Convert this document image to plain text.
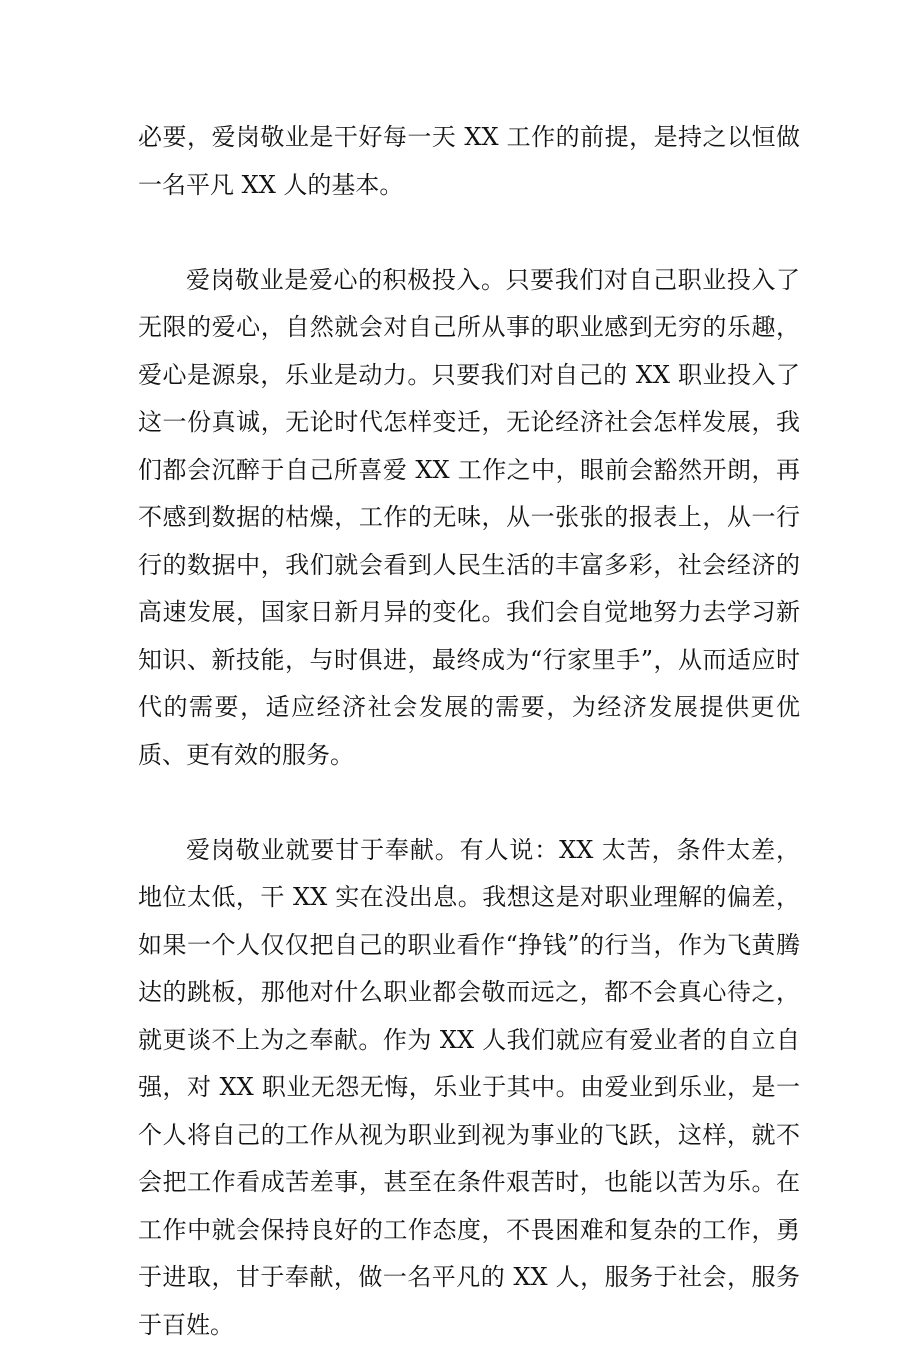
必要，爱岗敬业是干好每一天 XX 工作的前提，是持之以恒做一名平凡 XX 人的基本。

爱岗敬业是爱心的积极投入。只要我们对自己职业投入了无限的爱心，自然就会对自己所从事的职业感到无穷的乐趣，爱心是源泉，乐业是动力。只要我们对自己的 XX 职业投入了这一份真诚，无论时代怎样变迁，无论经济社会怎样发展，我们都会沉醉于自己所喜爱 XX 工作之中，眼前会豁然开朗，再不感到数据的枯燥，工作的无味，从一张张的报表上，从一行行的数据中，我们就会看到人民生活的丰富多彩，社会经济的高速发展，国家日新月异的变化。我们会自觉地努力去学习新知识、新技能，与时俱进，最终成为“行家里手”，从而适应时代的需要，适应经济社会发展的需要，为经济发展提供更优质、更有效的服务。

爱岗敬业就要甘于奉献。有人说：XX 太苦，条件太差，地位太低，干 XX 实在没出息。我想这是对职业理解的偏差，如果一个人仅仅把自己的职业看作“挣钱”的行当，作为飞黄腾达的跳板，那他对什么职业都会敬而远之，都不会真心待之，就更谈不上为之奉献。作为 XX 人我们就应有爱业者的自立自强，对 XX 职业无怨无悔，乐业于其中。由爱业到乐业，是一个人将自己的工作从视为职业到视为事业的飞跃，这样，就不会把工作看成苦差事，甚至在条件艰苦时，也能以苦为乐。在工作中就会保持良好的工作态度，不畏困难和复杂的工作，勇于进取，甘于奉献，做一名平凡的 XX 人，服务于社会，服务于百姓。
